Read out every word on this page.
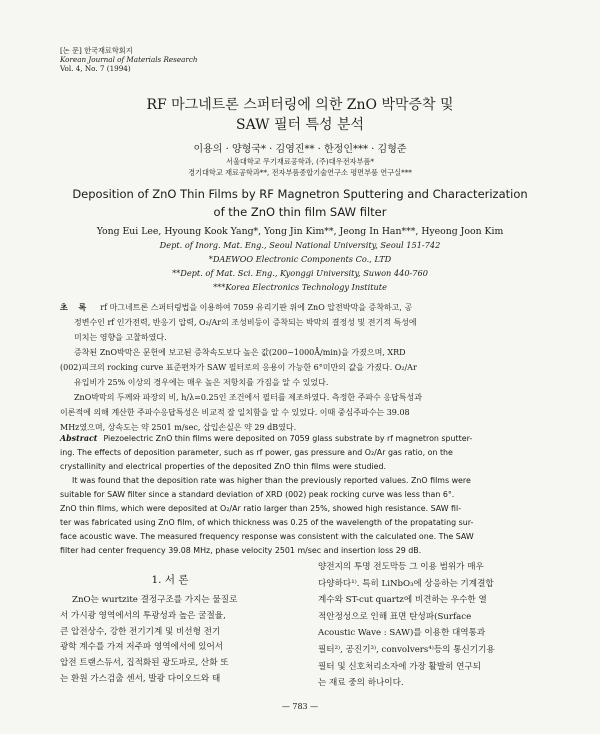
[논 문] 한국재료학회지
Korean Journal of Materials Research
Vol. 4, No. 7 (1994)
RF 마그네트론 스퍼터링에 의한 ZnO 박막증착 및
SAW 필터 특성 분석
이용의 · 양형국* · 김영진** · 한정인*** · 김형준
서울대학교 무기재료공학과, (주)대우전자부품*
경기대학교 재료공학과**, 전자부품종합기술연구소 평면부품 연구실***
Deposition of ZnO Thin Films by RF Magnetron Sputtering and Characterization
of the ZnO thin film SAW filter
Yong Eui Lee, Hyoung Kook Yang*, Yong Jin Kim**, Jeong In Han***, Hyeong Joon Kim
Dept. of Inorg. Mat. Eng., Seoul National University, Seoul 151-742
*DAEWOO Electronic Components Co., LTD
**Dept. of Mat. Sci. Eng., Kyonggi University, Suwon 440-760
***Korea Electronics Technology Institute
초 록 rf 마그네트론 스퍼터링법을 이용하여 7059 유리기판 위에 ZnO 압전박막을 증착하고, 공
정변수인 rf 인가전력, 반응기 압력, O₂/Ar의 조성비등이 증착되는 박막의 결정성 및 전기적 특성에
미치는 영향을 고찰하였다.
증착된 ZnO박막은 문헌에 보고된 증착속도보다 높은 값(200~1000Å/min)을 가졌으며, XRD
(002)피크의 rocking curve 표준편차가 SAW 필터로의 응용이 가능한 6°미만의 값을 가졌다. O₂/Ar
유입비가 25% 이상의 경우에는 매우 높은 저항치를 가짐을 알 수 있었다.
ZnO박막의 두께와 파장의 비, h/λ=0.25인 조건에서 필터를 제조하였다. 측정한 주파수 응답특성과
이론적에 의해 계산한 주파수응답특성은 비교적 잘 일치함을 알 수 있었다. 이때 중심주파수는 39.08
MHz였으며, 상속도는 약 2501 m/sec, 삽입손실은 약 29 dB였다.
Abstract Piezoelectric ZnO thin films were deposited on 7059 glass substrate by rf magnetron sputter-
ing. The effects of deposition parameter, such as rf power, gas pressure and O₂/Ar gas ratio, on the
crystallinity and electrical properties of the deposited ZnO thin films were studied.
It was found that the deposition rate was higher than the previously reported values. ZnO films were
suitable for SAW filter since a standard deviation of XRD (002) peak rocking curve was less than 6°.
ZnO thin films, which were deposited at O₂/Ar ratio larger than 25%, showed high resistance. SAW fil-
ter was fabricated using ZnO film, of which thickness was 0.25 of the wavelength of the propatating sur-
face acoustic wave. The measured frequency response was consistent with the calculated one. The SAW
filter had center frequency 39.08 MHz, phase velocity 2501 m/sec and insertion loss 29 dB.
1. 서 론
ZnO는 wurtzite 결정구조를 가지는 물질로
서 가시광 영역에서의 투광성과 높은 굴절율,
큰 압전상수, 강한 전기기계 및 비선형 전기
광학 계수를 가져 저주파 영역에서에 있어서
압전 트랜스듀서, 집적화된 광도파로, 산화 또
는 환원 가스검출 센서, 발광 다이오드와 태
양전지의 투명 전도막등 그 이용 범위가 매우
다양하다¹⁾. 특히 LiNbO₃에 상응하는 기계결합
계수와 ST-cut quartz에 비견하는 우수한 열
적안정성으로 인해 표면 탄성파(Surface
Acoustic Wave : SAW)를 이용한 대역통과
필터²⁾, 공진기³⁾, convolvers⁴⁾등의 통신기기용
필터 및 신호처리소자에 가장 활발히 연구되
는 재료 중의 하나이다.
— 783 —
